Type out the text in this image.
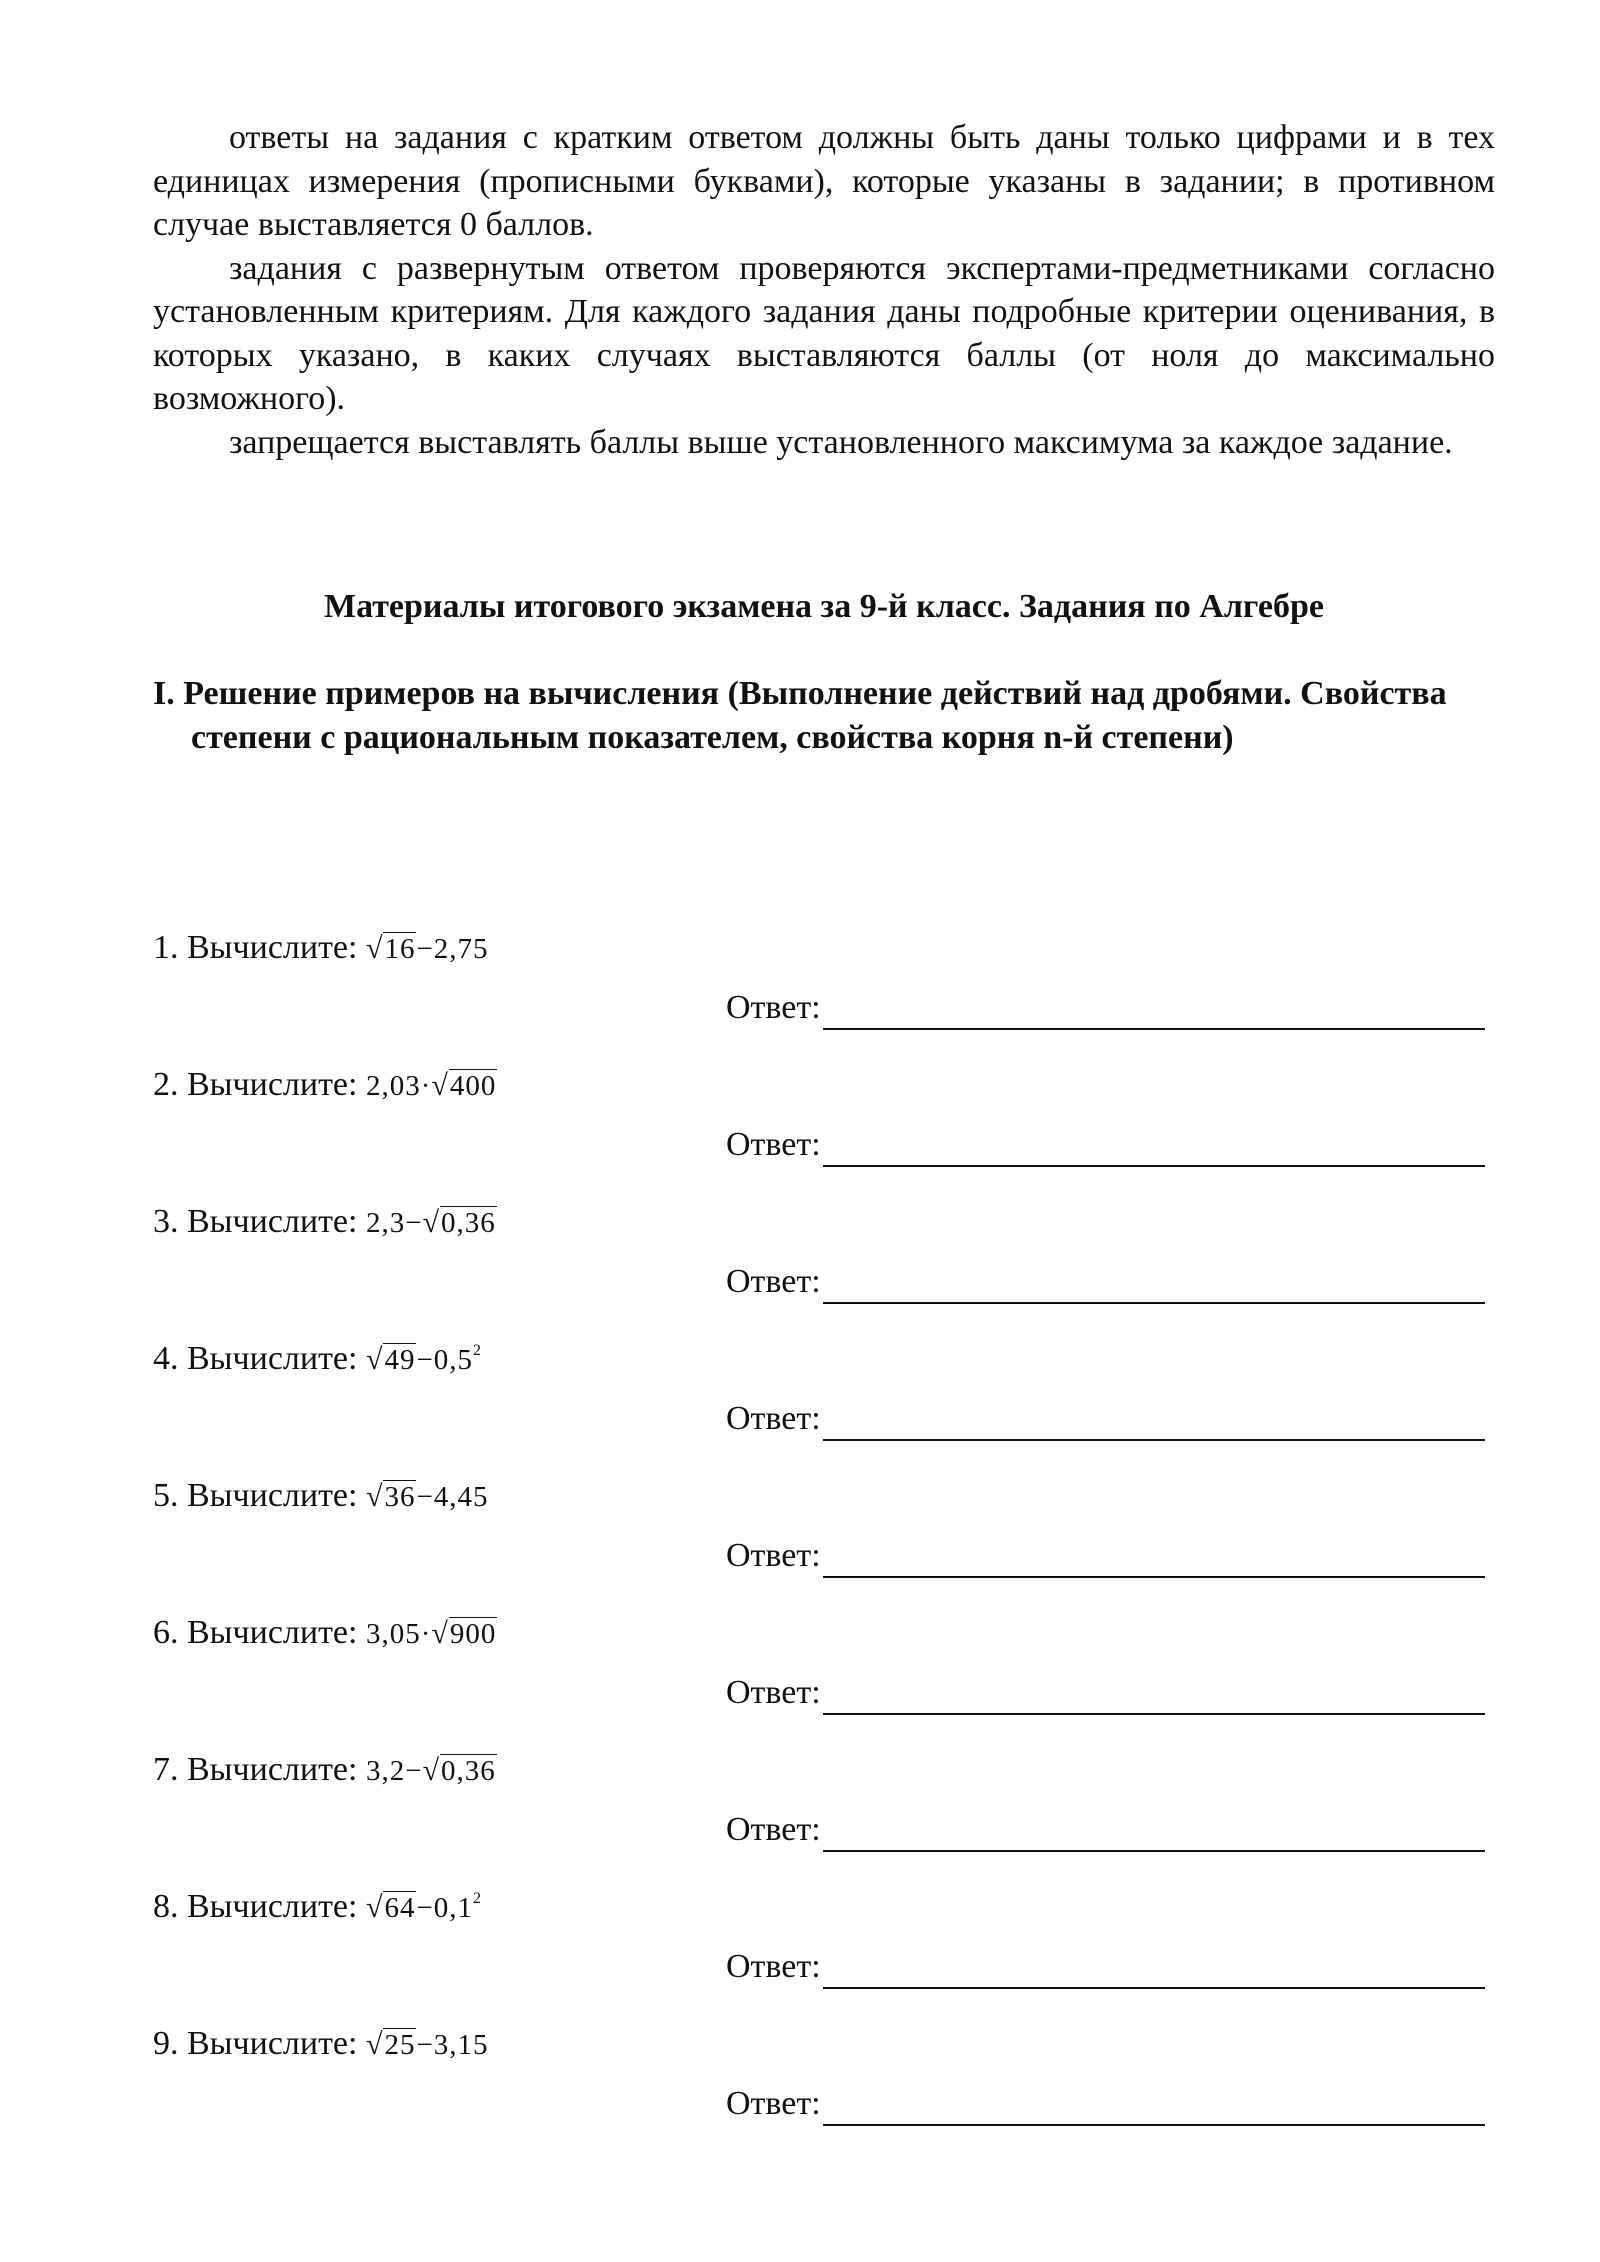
ответы на задания с кратким ответом должны быть даны только цифрами и в тех единицах измерения (прописными буквами), которые указаны в задании; в противном случае выставляется 0 баллов.

задания с развернутым ответом проверяются экспертами-предметниками согласно установленным критериям. Для каждого задания даны подробные критерии оценивания, в которых указано, в каких случаях выставляются баллы (от ноля до максимально возможного).

запрещается выставлять баллы выше установленного максимума за каждое задание.

Материалы итогового экзамена за 9-й класс. Задания по Алгебре
I. Решение примеров на вычисления (Выполнение действий над дробями. Свойства степени с рациональным показателем, свойства корня n-й степени)
1. Вычислите: √16−2,75
Ответ:
2. Вычислите: 2,03·√400
Ответ:
3. Вычислите: 2,3−√0,36
Ответ:
4. Вычислите: $√49-0,5^2$
Ответ:
5. Вычислите: √36−4,45
Ответ:
6. Вычислите: 3,05·√900
Ответ:
7. Вычислите: 3,2−√0,36
Ответ:
8. Вычислите: $√64-0,1^2$
Ответ:
9. Вычислите: √25−3,15
Ответ:
